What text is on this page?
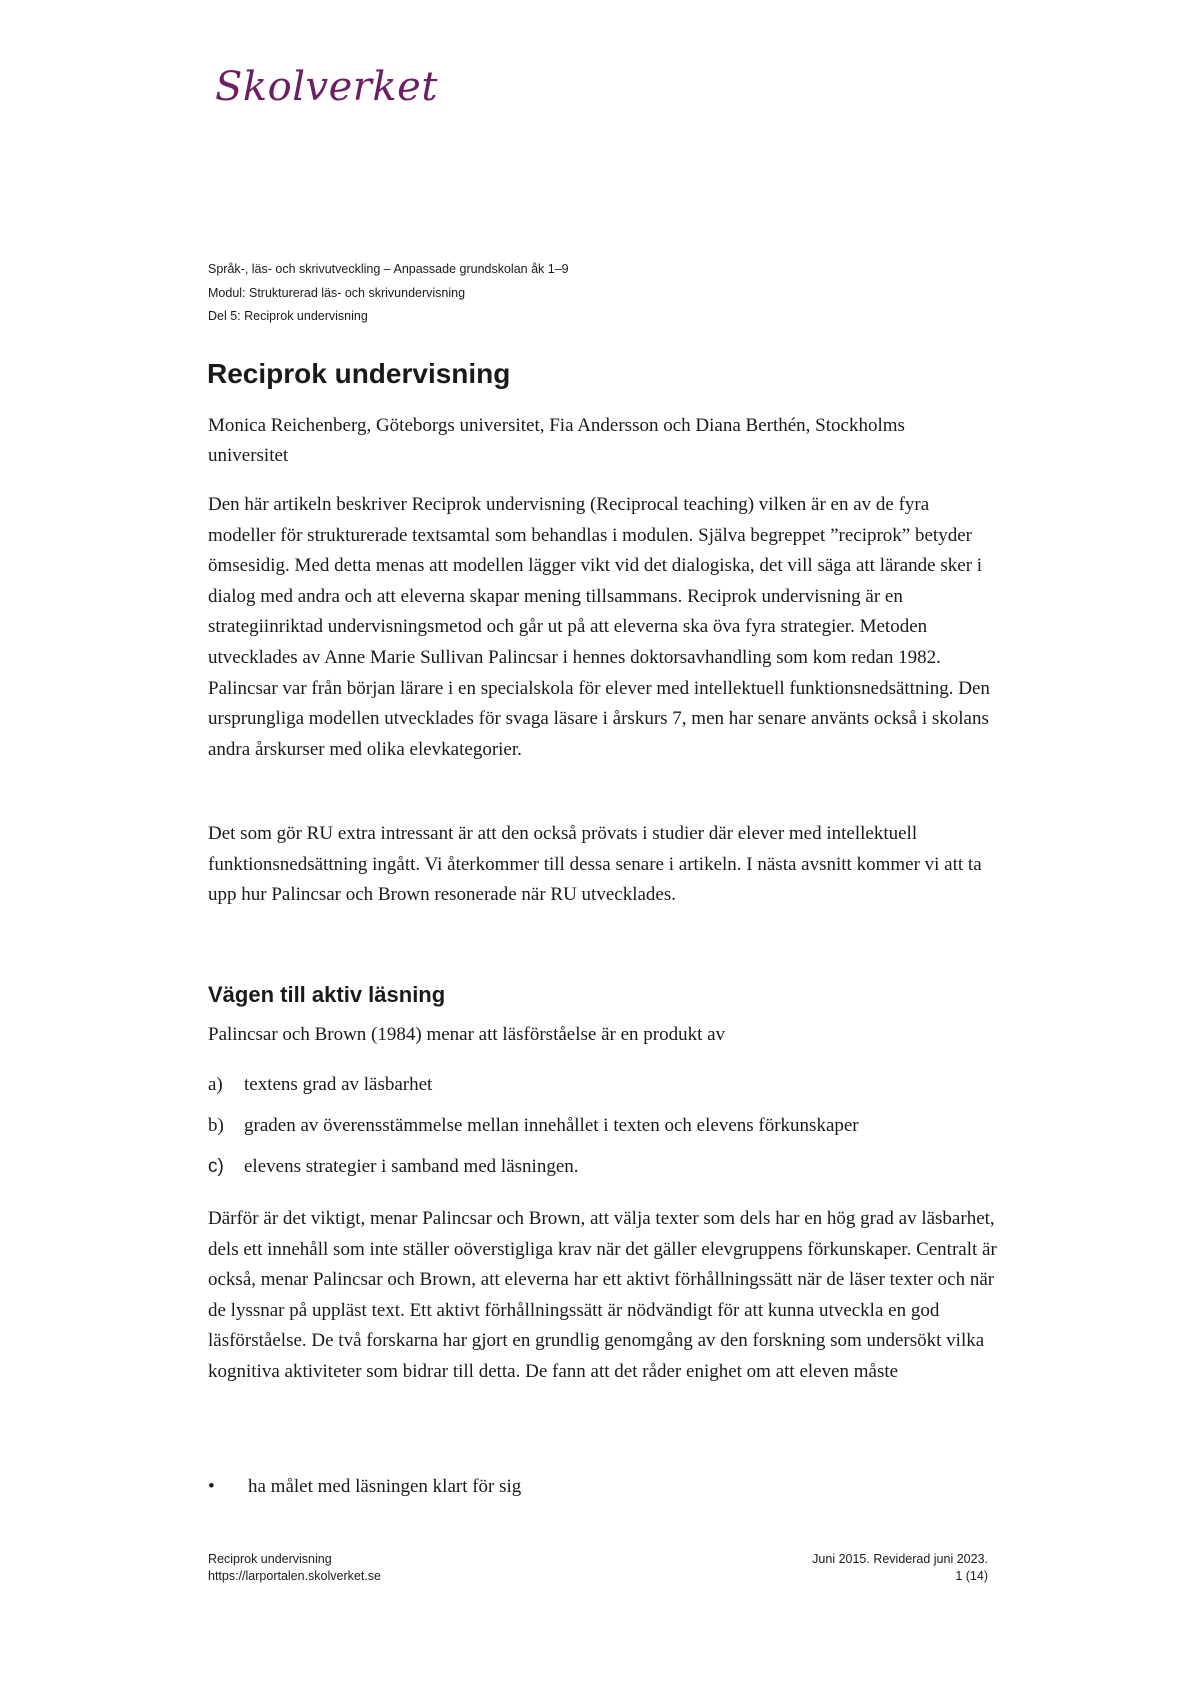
Skolverket
Språk-, läs- och skrivutveckling – Anpassade grundskolan åk 1–9
Modul: Strukturerad läs- och skrivundervisning
Del 5: Reciprok undervisning
Reciprok undervisning

Monica Reichenberg, Göteborgs universitet, Fia Andersson och Diana Berthén, Stockholms universitet

Den här artikeln beskriver Reciprok undervisning (Reciprocal teaching) vilken är en av de fyra modeller för strukturerade textsamtal som behandlas i modulen. Själva begreppet ”reciprok” betyder ömsesidig. Med detta menas att modellen lägger vikt vid det dialogiska, det vill säga att lärande sker i dialog med andra och att eleverna skapar mening tillsammans. Reciprok undervisning är en strategiinriktad undervisningsmetod och går ut på att eleverna ska öva fyra strategier. Metoden utvecklades av Anne Marie Sullivan Palincsar i hennes doktorsavhandling som kom redan 1982. Palincsar var från början lärare i en specialskola för elever med intellektuell funktionsnedsättning. Den ursprungliga modellen utvecklades för svaga läsare i årskurs 7, men har senare använts också i skolans andra årskurser med olika elevkategorier.

Det som gör RU extra intressant är att den också prövats i studier där elever med intellektuell funktionsnedsättning ingått. Vi återkommer till dessa senare i artikeln. I nästa avsnitt kommer vi att ta upp hur Palincsar och Brown resonerade när RU utvecklades.

Vägen till aktiv läsning

Palincsar och Brown (1984) menar att läsförståelse är en produkt av

a)	textens grad av läsbarhet
b)	graden av överensstämmelse mellan innehållet i texten och elevens förkunskaper
c)	elevens strategier i samband med läsningen.

Därför är det viktigt, menar Palincsar och Brown, att välja texter som dels har en hög grad av läsbarhet, dels ett innehåll som inte ställer oöverstigliga krav när det gäller elevgruppens förkunskaper. Centralt är också, menar Palincsar och Brown, att eleverna har ett aktivt förhållningssätt när de läser texter och när de lyssnar på uppläst text. Ett aktivt förhållningssätt är nödvändigt för att kunna utveckla en god läsförståelse. De två forskarna har gjort en grundlig genomgång av den forskning som undersökt vilka kognitiva aktiviteter som bidrar till detta. De fann att det råder enighet om att eleven måste

• ha målet med läsningen klart för sig
Reciprok undervisning
https://larportalen.skolverket.se
Juni 2015. Reviderad juni 2023.
1 (14)
